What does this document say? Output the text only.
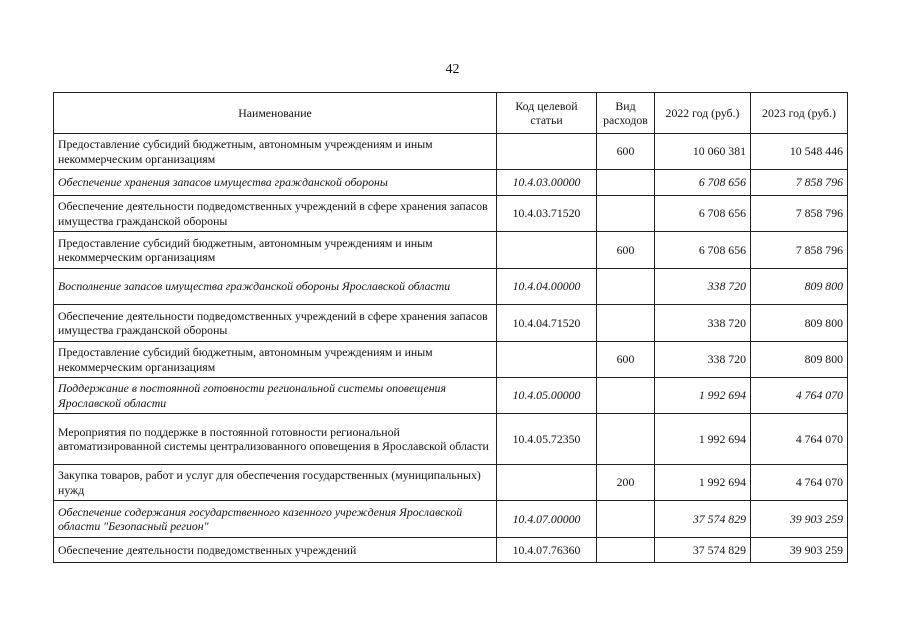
42
Наименование	Код целевой статьи	Вид расходов	2022 год (руб.)	2023 год (руб.)
Предоставление субсидий бюджетным, автономным учреждениям и иным некоммерческим организациям		600	10 060 381	10 548 446
Обеспечение хранения запасов имущества гражданской обороны	10.4.03.00000		6 708 656	7 858 796
Обеспечение деятельности подведомственных учреждений в сфере хранения запасов имущества гражданской обороны	10.4.03.71520		6 708 656	7 858 796
Предоставление субсидий бюджетным, автономным учреждениям и иным некоммерческим организациям		600	6 708 656	7 858 796
Восполнение запасов имущества гражданской обороны Ярославской области	10.4.04.00000		338 720	809 800
Обеспечение деятельности подведомственных учреждений в сфере хранения запасов имущества гражданской обороны	10.4.04.71520		338 720	809 800
Предоставление субсидий бюджетным, автономным учреждениям и иным некоммерческим организациям		600	338 720	809 800
Поддержание в постоянной готовности региональной системы оповещения Ярославской области	10.4.05.00000		1 992 694	4 764 070
Мероприятия по поддержке в постоянной готовности региональной автоматизированной системы централизованного оповещения в Ярославской области	10.4.05.72350		1 992 694	4 764 070
Закупка товаров, работ и услуг для обеспечения государственных (муниципальных) нужд		200	1 992 694	4 764 070
Обеспечение содержания государственного казенного учреждения Ярославской области "Безопасный регион"	10.4.07.00000		37 574 829	39 903 259
Обеспечение деятельности подведомственных учреждений	10.4.07.76360		37 574 829	39 903 259
